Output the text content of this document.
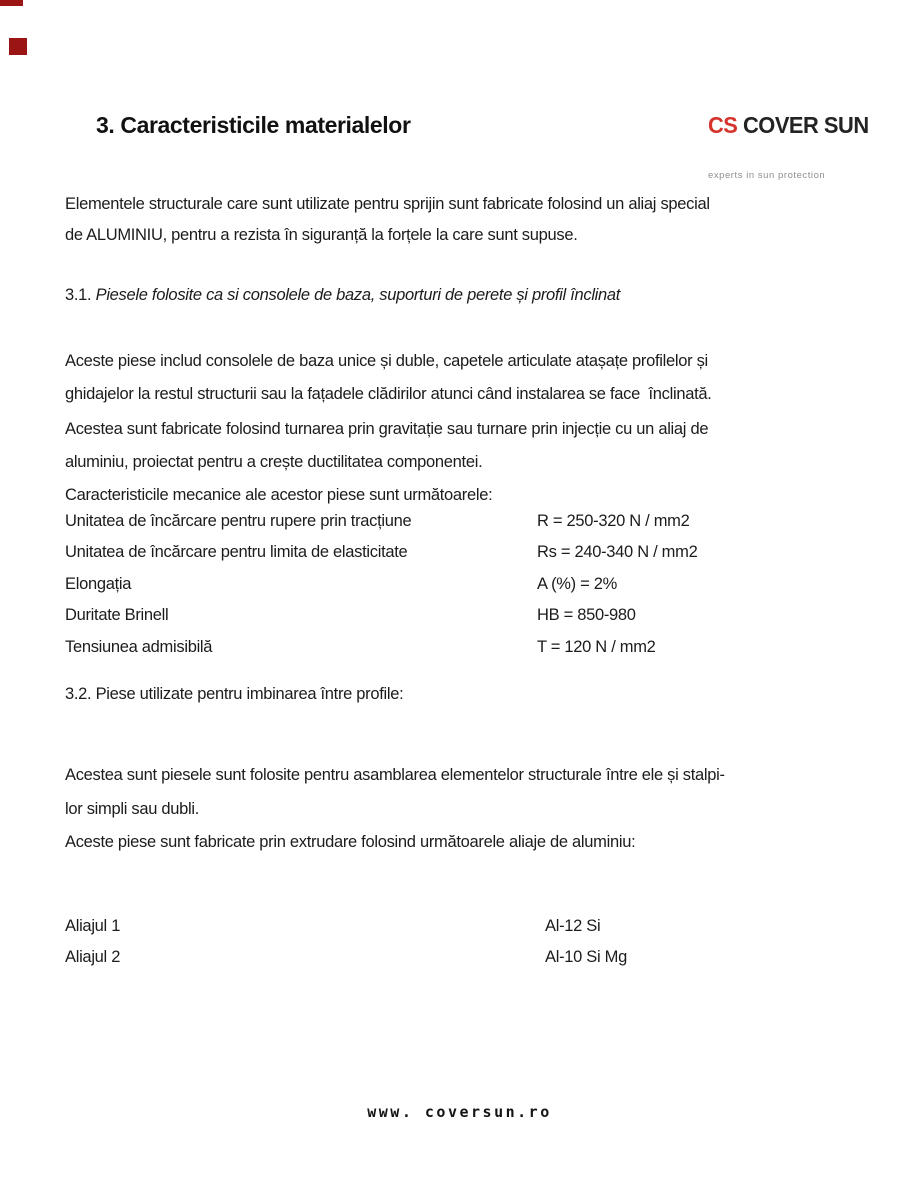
CS COVER SUN

experts in sun protection

3. Caracteristicile materialelor
Elementele structurale care sunt utilizate pentru sprijin sunt fabricate folosind un aliaj special
de ALUMINIU, pentru a rezista în siguranță la forțele la care sunt supuse.
3.1. Piesele folosite ca si consolele de baza, suporturi de perete și profil înclinat
Aceste piese includ consolele de baza unice și duble, capetele articulate atașațe profilelor și
ghidajelor la restul structurii sau la fațadele clădirilor atunci când instalarea se face  înclinată.
Acestea sunt fabricate folosind turnarea prin gravitație sau turnare prin injecție cu un aliaj de
aluminiu, proiectat pentru a crește ductilitatea componentei.
Caracteristicile mecanice ale acestor piese sunt următoarele:
Unitatea de încărcare pentru rupere prin tracțiune	R = 250-320 N / mm2
Unitatea de încărcare pentru limita de elasticitate	Rs = 240-340 N / mm2
Elongația	A (%) = 2%
Duritate Brinell	HB = 850-980
Tensiunea admisibilă	T = 120 N / mm2
3.2. Piese utilizate pentru imbinarea între profile:
Acestea sunt piesele sunt folosite pentru asamblarea elementelor structurale între ele și stalpi-
lor simpli sau dubli.
Aceste piese sunt fabricate prin extrudare folosind următoarele aliaje de aluminiu:
Aliajul 1	Al-12 Si
Aliajul 2	Al-10 Si Mg
www. coversun.ro
